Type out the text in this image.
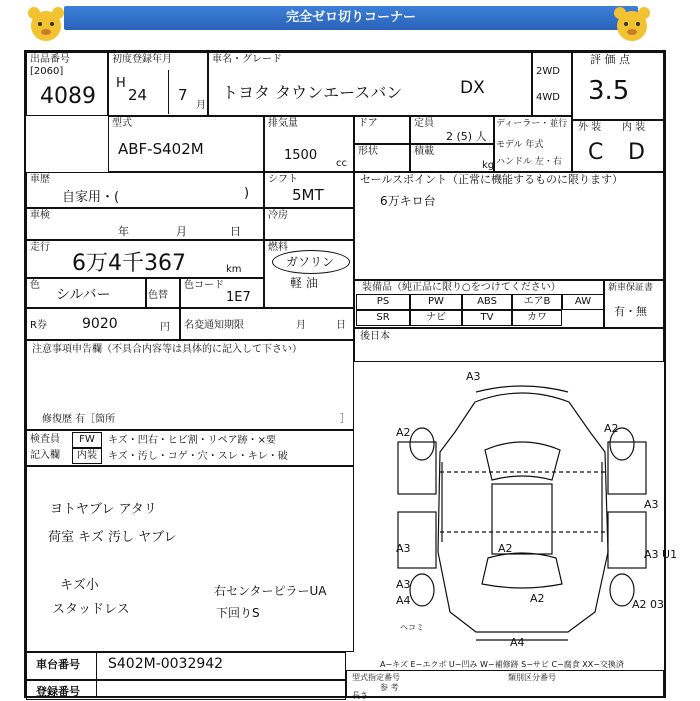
完全ゼロ切りコーナー
出品番号
[2060]
4089
初度登録年月
H
24 7
月
車名・グレード
トヨタ タウンエースバン	DX
2WD
4WD
評 価 点
3.5
型式
ABF-S402M
排気量
1500
cc
ドア	定員
2 (5) 人
ディーラー・並行
モデル 年式
ハンドル 左・右
形状	積載
kg
外 装 内 装
C D
車歴
自家用・(	)
シフト
5MT
セールスポイント（正常に機能するものに限ります）
6万キロ台
車検
年	月	日
冷房
走行
6万4千367	km
燃料
ガソリン
軽 油
色
シルバー	色替
色コード
1E7
装備品（純正品に限り○をつけてください）
PS	PW	ABS	エアB	AW
SR	ナビ	TV	カワ
新車保証書
有・無
R券	9020	円 名変通知期限	月	日
後日本
注意事項申告欄（不具合内容等は具体的に記入して下さい）
修復歴 有［箇所	］
検査員
記入欄
FW	キズ・凹右・ヒビ割・リペア跡・×要
内装	キズ・汚し・コゲ・穴・スレ・キレ・破
ヨトヤブレ アタリ
荷室 キズ 汚し ヤブレ
キズ小
スタッドレス
右センターピラーUA
下回りS
車台番号 S402M-0032942
登録番号
A−キズ E−エクボ U−凹み W−補修跡 S−サビ C−腐食 XX−交換済
型式指定番号	類別区分番号
参 考
長さ
A3
A2	A2
A3
A3	A2	A3 U1
A3
A4	A2	A2 03
A4
ヘコミ
